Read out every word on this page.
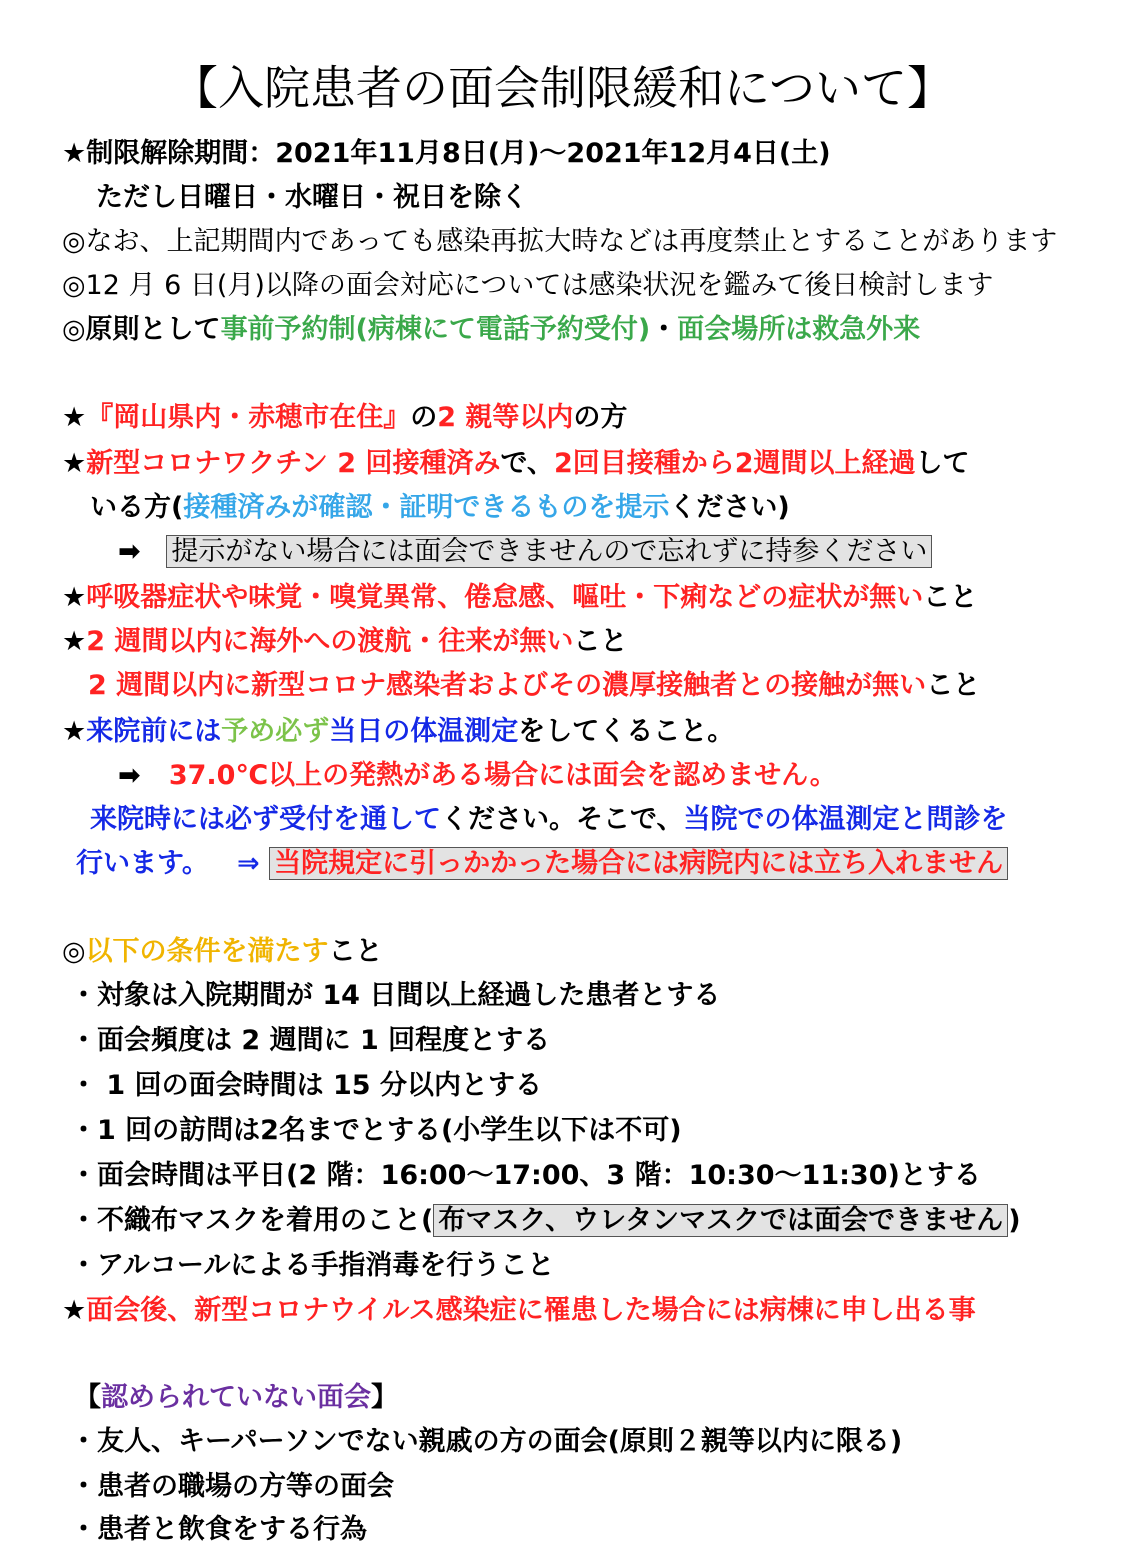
【入院患者の面会制限緩和について】
★制限解除期間：2021年11月8日(月)～2021年12月4日(土)
ただし日曜日・水曜日・祝日を除く
◎なお、上記期間内であっても感染再拡大時などは再度禁止とすることがあります
◎12 月 6 日(月)以降の面会対応については感染状況を鑑みて後日検討します
◎原則として事前予約制(病棟にて電話予約受付)・面会場所は救急外来
★『岡山県内・赤穂市在住』の2 親等以内の方
★新型コロナワクチン 2 回接種済みで、2回目接種から2週間以上経過して
いる方(接種済みが確認・証明できるものを提示ください)
➡ 提示がない場合には面会できませんので忘れずに持参ください
★呼吸器症状や味覚・嗅覚異常、倦怠感、嘔吐・下痢などの症状が無いこと
★2 週間以内に海外への渡航・往来が無いこと
2 週間以内に新型コロナ感染者およびその濃厚接触者との接触が無いこと
★来院前には予め必ず当日の体温測定をしてくること。
➡ 37.0℃以上の発熱がある場合には面会を認めません。
来院時には必ず受付を通してください。そこで、当院での体温測定と問診を
行います。 ⇒ 当院規定に引っかかった場合には病院内には立ち入れません
◎以下の条件を満たすこと
・対象は入院期間が 14 日間以上経過した患者とする
・面会頻度は 2 週間に 1 回程度とする
・ 1 回の面会時間は 15 分以内とする
・1 回の訪問は2名までとする(小学生以下は不可)
・面会時間は平日(2 階：16:00～17:00、3 階：10:30～11:30)とする
・不織布マスクを着用のこと( 布マスク、ウレタンマスクでは面会できません )
・アルコールによる手指消毒を行うこと
★面会後、新型コロナウイルス感染症に罹患した場合には病棟に申し出る事
【認められていない面会】
・友人、キーパーソンでない親戚の方の面会(原則２親等以内に限る)
・患者の職場の方等の面会
・患者と飲食をする行為
